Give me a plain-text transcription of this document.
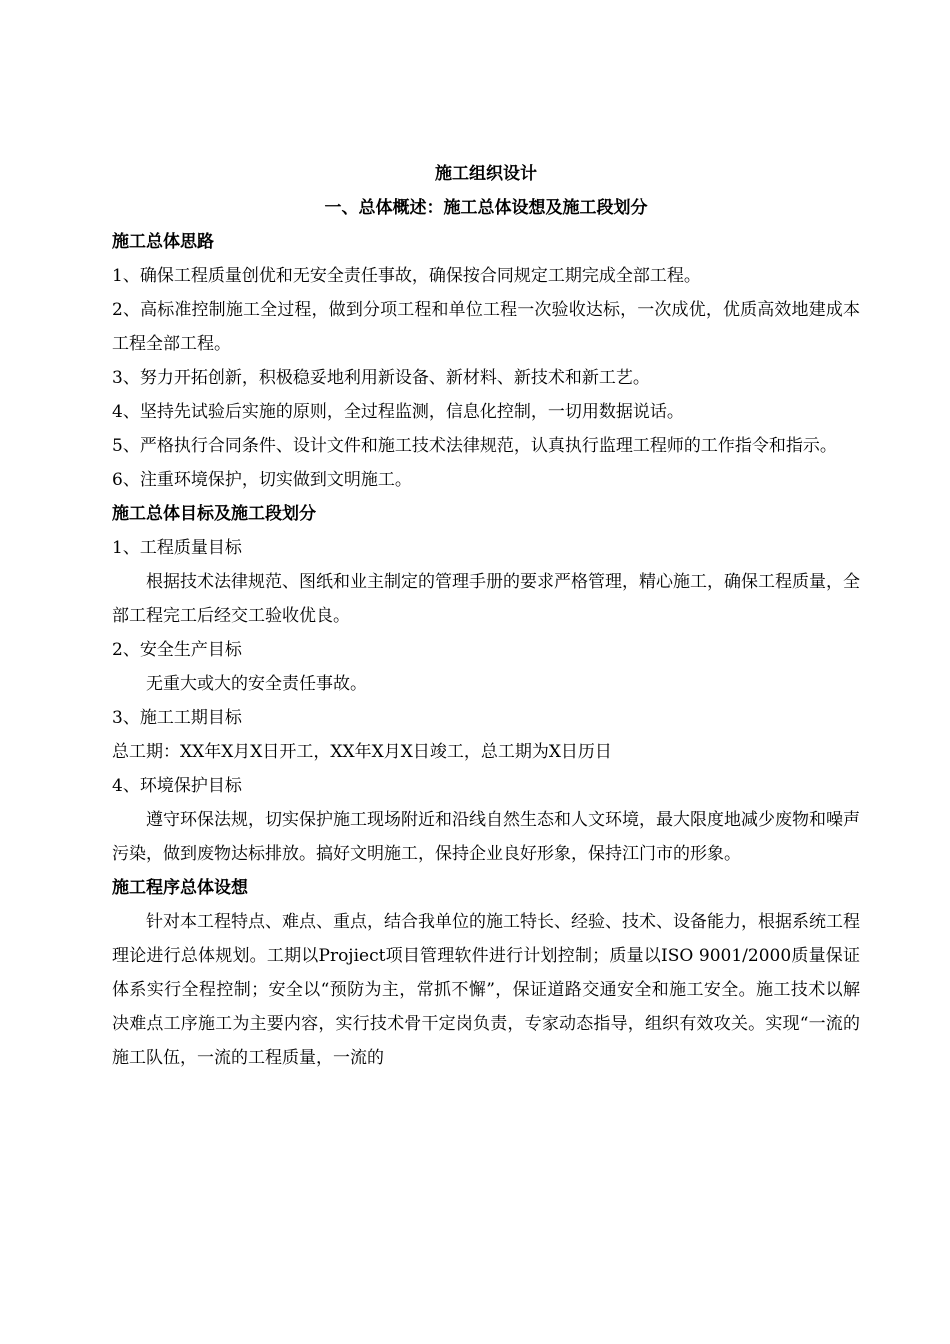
施工组织设计

一、总体概述：施工总体设想及施工段划分

施工总体思路

1、确保工程质量创优和无安全责任事故，确保按合同规定工期完成全部工程。

2、高标准控制施工全过程，做到分项工程和单位工程一次验收达标，一次成优，优质高效地建成本工程全部工程。

3、努力开拓创新，积极稳妥地利用新设备、新材料、新技术和新工艺。

4、坚持先试验后实施的原则，全过程监测，信息化控制，一切用数据说话。

5、严格执行合同条件、设计文件和施工技术法律规范，认真执行监理工程师的工作指令和指示。

6、注重环境保护，切实做到文明施工。

施工总体目标及施工段划分

1、工程质量目标

根据技术法律规范、图纸和业主制定的管理手册的要求严格管理，精心施工，确保工程质量，全部工程完工后经交工验收优良。

2、安全生产目标

无重大或大的安全责任事故。

3、施工工期目标

总工期：XX年X月X日开工，XX年X月X日竣工，总工期为X日历日

4、环境保护目标

遵守环保法规，切实保护施工现场附近和沿线自然生态和人文环境，最大限度地减少废物和噪声污染，做到废物达标排放。搞好文明施工，保持企业良好形象，保持江门市的形象。

施工程序总体设想

针对本工程特点、难点、重点，结合我单位的施工特长、经验、技术、设备能力，根据系统工程理论进行总体规划。工期以Projiect项目管理软件进行计划控制；质量以ISO 9001/2000质量保证体系实行全程控制；安全以“预防为主，常抓不懈”，保证道路交通安全和施工安全。施工技术以解决难点工序施工为主要内容，实行技术骨干定岗负责，专家动态指导，组织有效攻关。实现“一流的施工队伍，一流的工程质量，一流的
